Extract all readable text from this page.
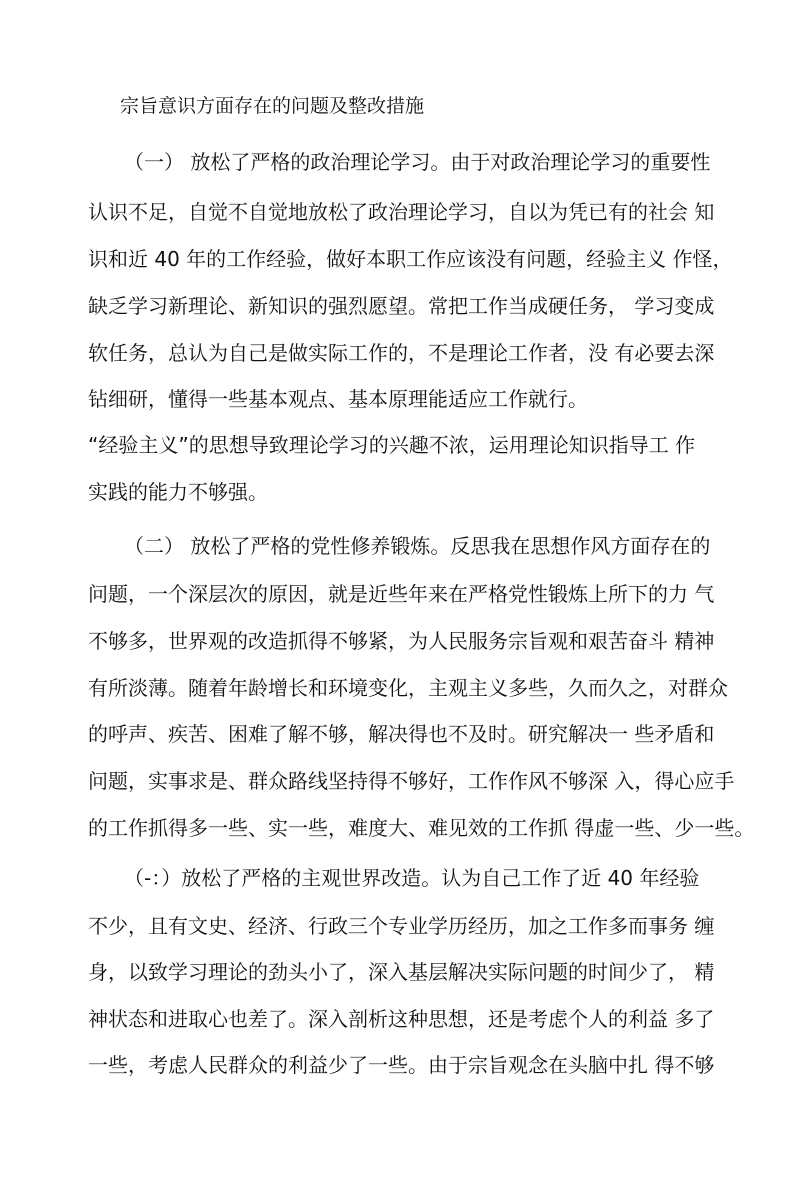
宗旨意识方面存在的问题及整改措施
（一） 放松了严格的政治理论学习。由于对政治理论学习的重要性
认识不足，自觉不自觉地放松了政治理论学习，自以为凭已有的社会 知
识和近 40 年的工作经验，做好本职工作应该没有问题，经验主义 作怪，
缺乏学习新理论、新知识的强烈愿望。常把工作当成硬任务， 学习变成
软任务，总认为自己是做实际工作的，不是理论工作者，没 有必要去深
钻细研，懂得一些基本观点、基本原理能适应工作就行。
“经验主义”的思想导致理论学习的兴趣不浓，运用理论知识指导工 作
实践的能力不够强。
（二） 放松了严格的党性修养锻炼。反思我在思想作风方面存在的
问题，一个深层次的原因，就是近些年来在严格党性锻炼上所下的力 气
不够多，世界观的改造抓得不够紧，为人民服务宗旨观和艰苦奋斗 精神
有所淡薄。随着年龄增长和环境变化，主观主义多些，久而久之，对群众
的呼声、疾苦、困难了解不够，解决得也不及时。研究解决一 些矛盾和
问题，实事求是、群众路线坚持得不够好，工作作风不够深 入，得心应手
的工作抓得多一些、实一些，难度大、难见效的工作抓 得虚一些、少一些。
（-：）放松了严格的主观世界改造。认为自己工作了近 40 年经验
不少，且有文史、经济、行政三个专业学历经历，加之工作多而事务 缠
身，以致学习理论的劲头小了，深入基层解决实际问题的时间少了， 精
神状态和进取心也差了。深入剖析这种思想，还是考虑个人的利益 多了
一些，考虑人民群众的利益少了一些。由于宗旨观念在头脑中扎 得不够
